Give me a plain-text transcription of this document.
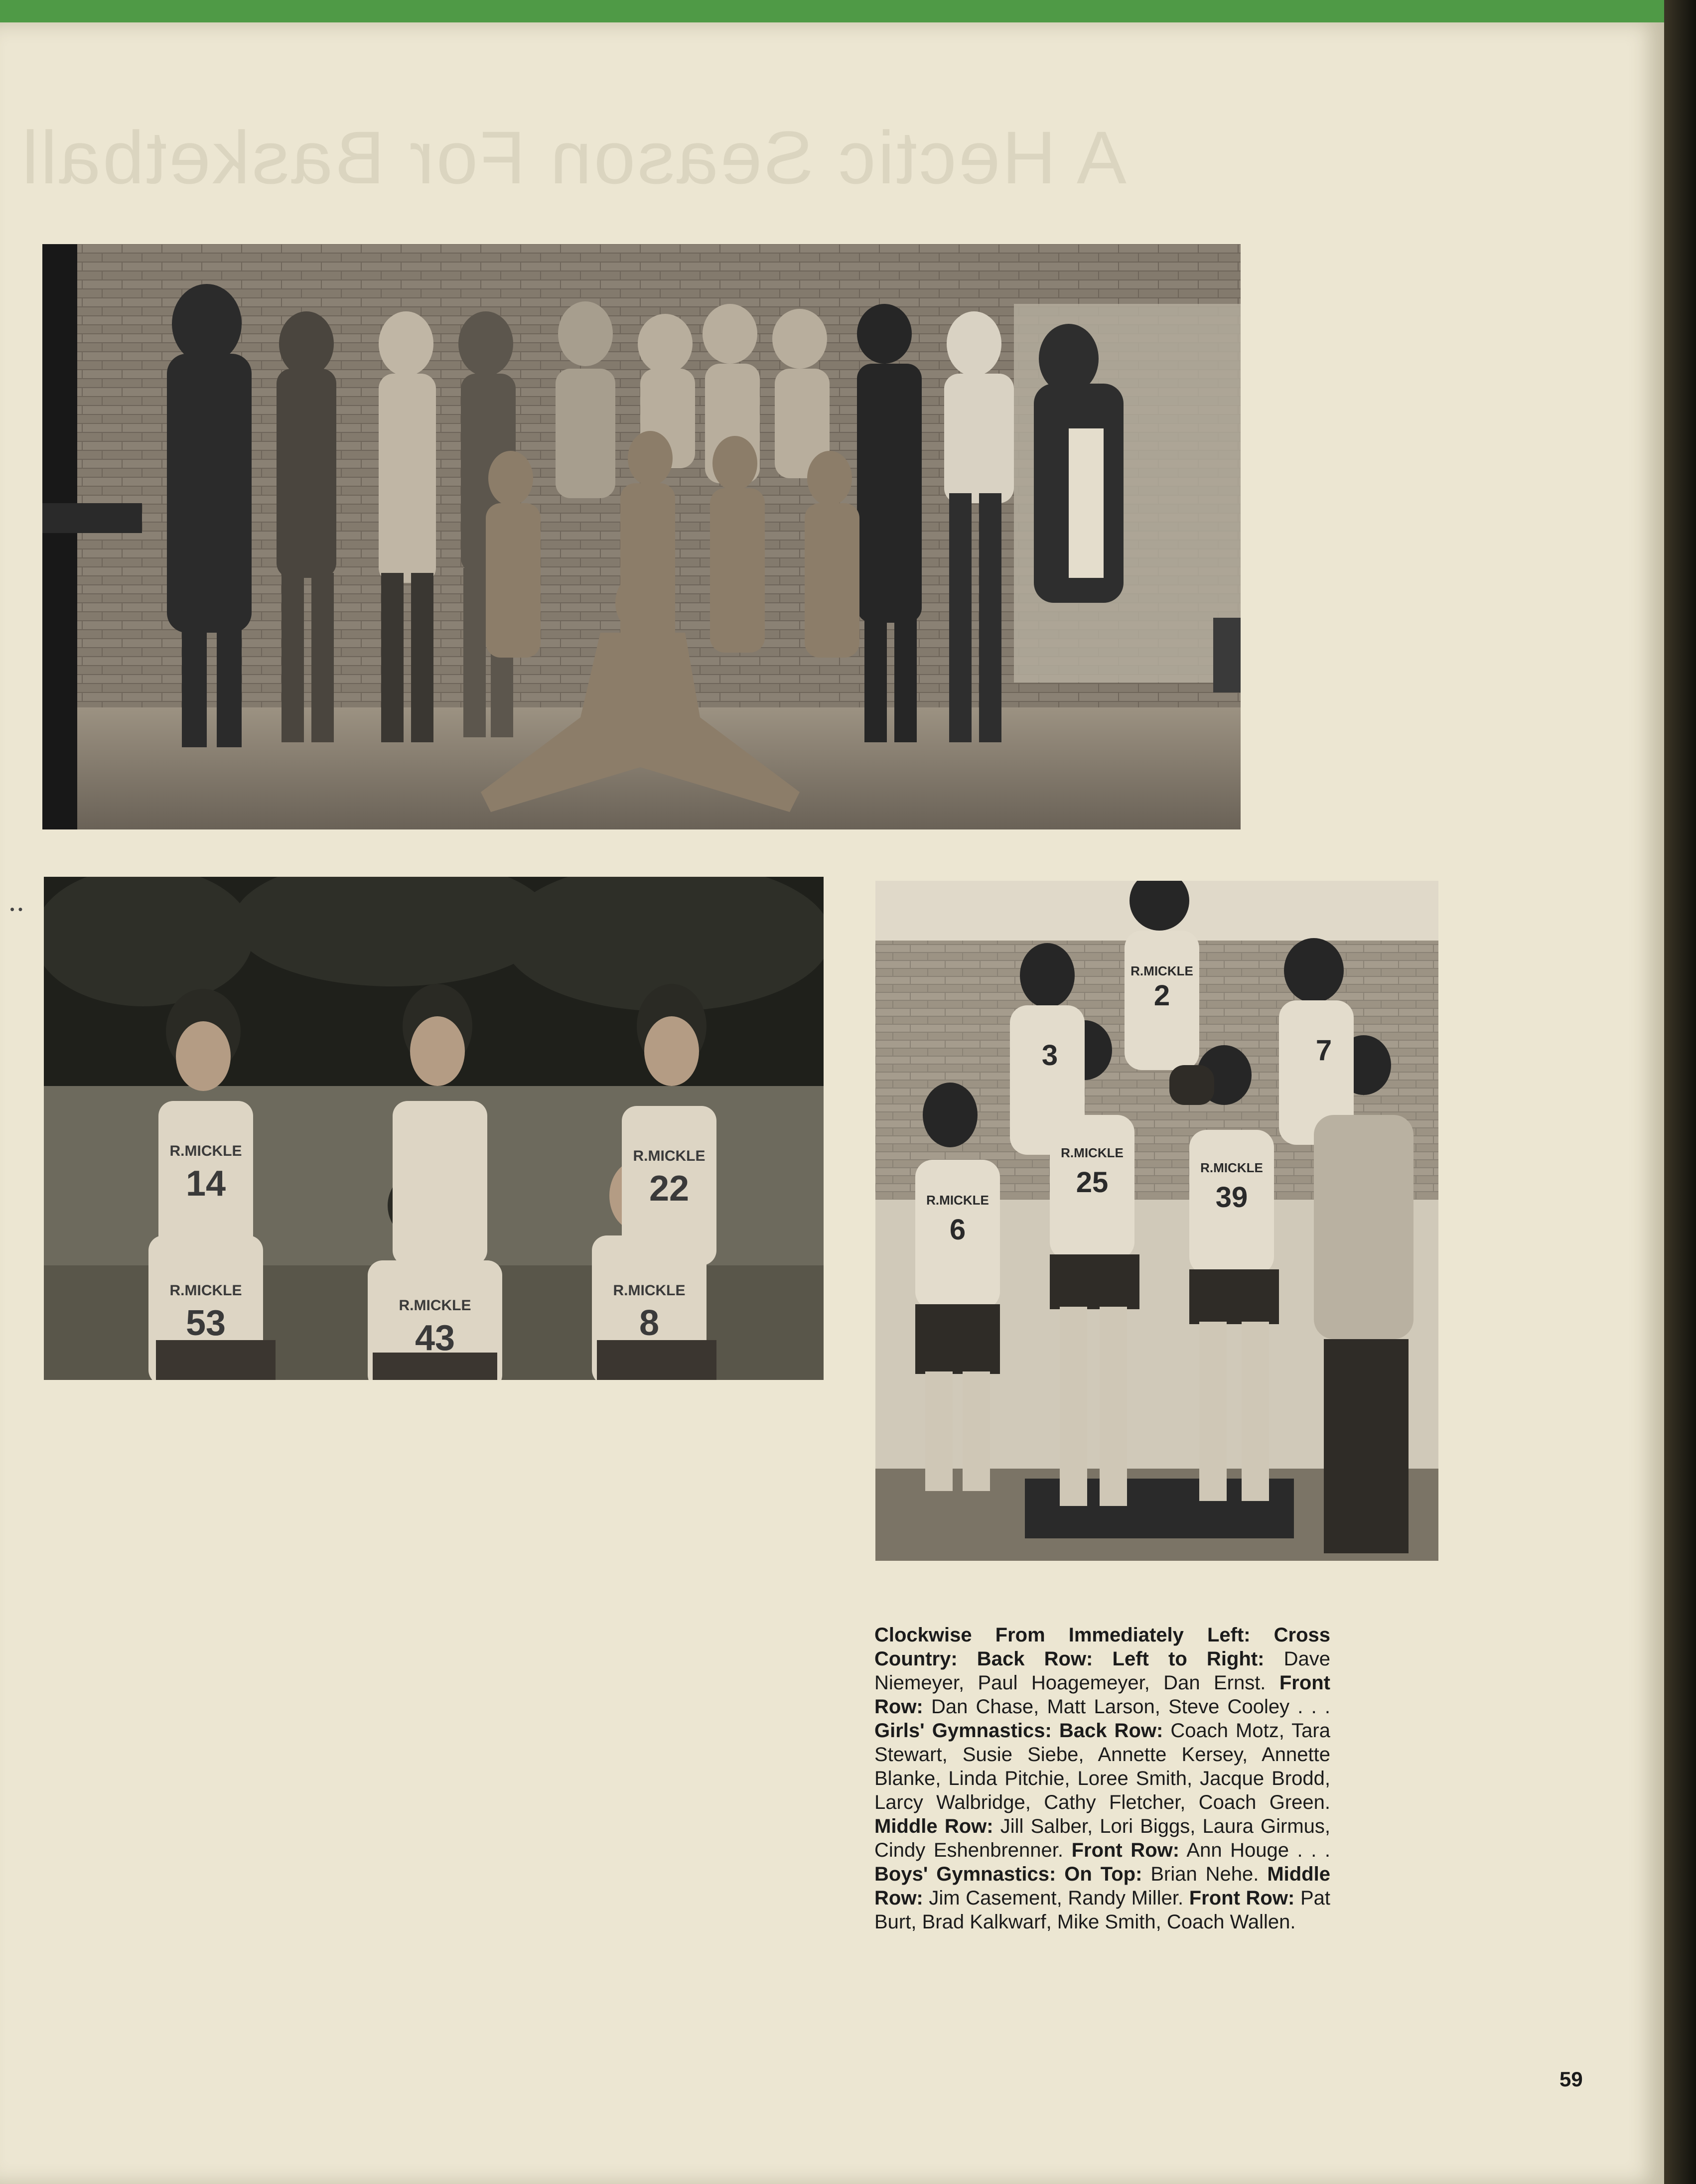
A Hectic Season For Basketball
• •
R.MICKLE
14
R.MICKLE
22
R.MICKLE
53	R.MICKLE
43
R.MICKLE
8
R.MICKLE
2
3	7
R.MICKLE
6
R.MICKLE
25	R.MICKLE
39
Clockwise From Immediately Left: Cross Country: Back Row: Left to Right: Dave Niemeyer, Paul Hoagemeyer, Dan Ernst. Front Row: Dan Chase, Matt Larson, Steve Cooley . . . Girls' Gymnastics: Back Row: Coach Motz, Tara Stewart, Susie Siebe, Annette Kersey, Annette Blanke, Linda Pitchie, Loree Smith, Jacque Brodd, Larcy Walbridge, Cathy Fletcher, Coach Green. Middle Row: Jill Salber, Lori Biggs, Laura Girmus, Cindy Eshenbrenner. Front Row: Ann Houge . . . Boys' Gymnastics: On Top: Brian Nehe. Middle Row: Jim Casement, Randy Miller. Front Row: Pat Burt, Brad Kalkwarf, Mike Smith, Coach Wallen.
59
